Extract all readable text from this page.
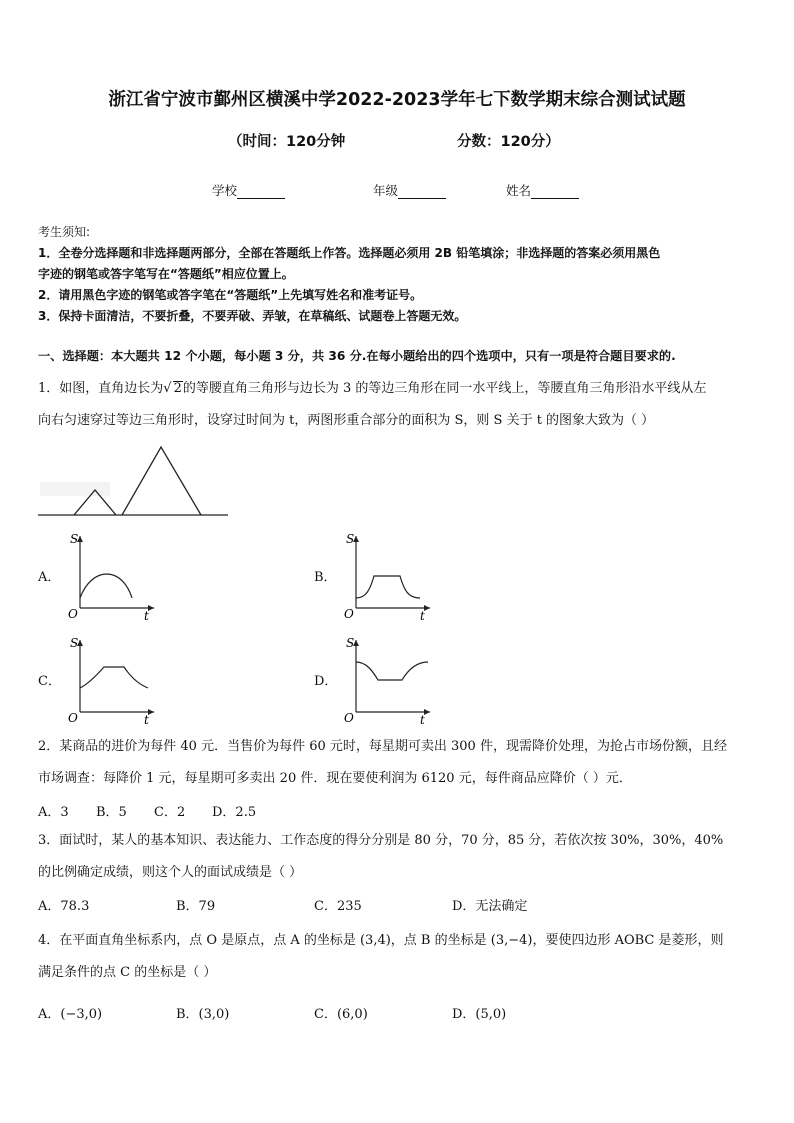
浙江省宁波市鄞州区横溪中学2022-2023学年七下数学期末综合测试试题
（时间：120分钟	分数：120分）
学校	年级	姓名
考生须知:
1．全卷分选择题和非选择题两部分，全部在答题纸上作答。选择题必须用 2B 铅笔填涂；非选择题的答案必须用黑色
字迹的钢笔或答字笔写在“答题纸”相应位置上。
2．请用黑色字迹的钢笔或答字笔在“答题纸”上先填写姓名和准考证号。
3．保持卡面清洁，不要折叠，不要弄破、弄皱，在草稿纸、试题卷上答题无效。
一、选择题：本大题共 12 个小题，每小题 3 分，共 36 分.在每小题给出的四个选项中，只有一项是符合题目要求的.
1．如图，直角边长为√ 2的等腰直角三角形与边长为 3 的等边三角形在同一水平线上，等腰直角三角形沿水平线从左
向右匀速穿过等边三角形时，设穿过时间为 t，两图形重合部分的面积为 S，则 S 关于 t 的图象大致为（ ）
A．
S
O	t
B．
S
O	t
C．
S
O	t
D．
S
O	t
2．某商品的进价为每件 40 元．当售价为每件 60 元时，每星期可卖出 300 件，现需降价处理，为抢占市场份额，且经
市场调查：每降价 1 元，每星期可多卖出 20 件．现在要使利润为 6120 元，每件商品应降价（ ）元．
A．3 B．5 C．2 D．2.5
3．面试时，某人的基本知识、表达能力、工作态度的得分分别是 80 分，70 分，85 分，若依次按 30%，30%，40%
的比例确定成绩，则这个人的面试成绩是（ ）
A．78.3	B．79	C．235	D．无法确定
4．在平面直角坐标系内，点 O 是原点，点 A 的坐标是 (3,4)，点 B 的坐标是 (3,−4)，要使四边形 AOBC 是菱形，则
满足条件的点 C 的坐标是（ ）
A．(−3,0)	B．(3,0)	C．(6,0)	D．(5,0)
